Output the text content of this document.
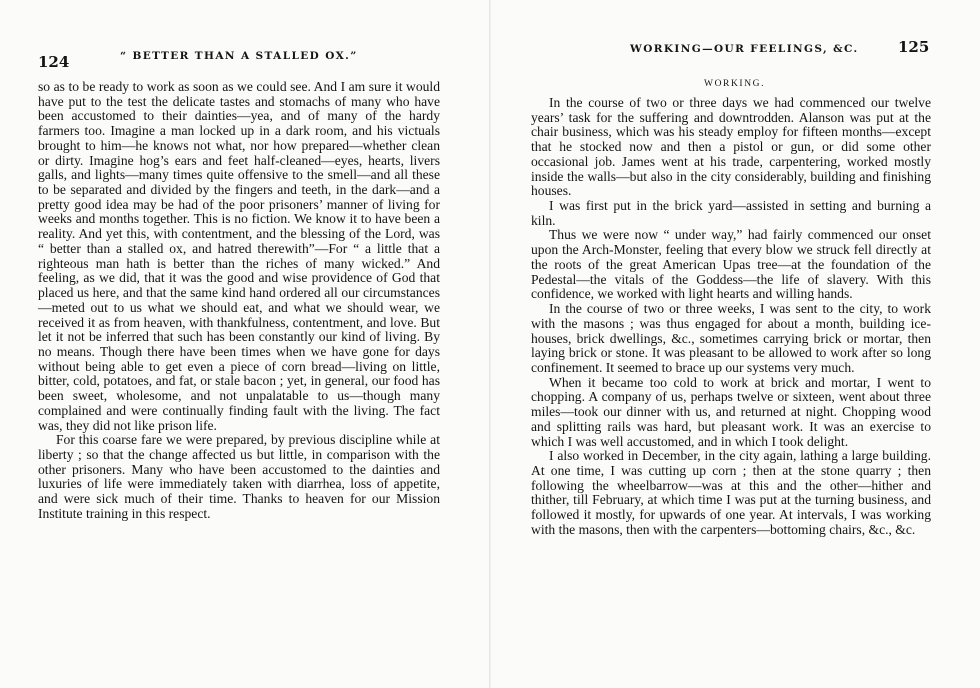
124	“ BETTER THAN A STALLED OX.”

so as to be ready to work as soon as we could see. And I am sure it would have put to the test the delicate tastes and stomachs of many who have been accustomed to their dainties—yea, and of many of the hardy farmers too. Imagine a man locked up in a dark room, and his victuals brought to him—he knows not what, nor how prepared—whether clean or dirty. Imagine hog’s ears and feet half-cleaned—eyes, hearts, livers galls, and lights—many times quite offensive to the smell—and all these to be separated and divided by the fingers and teeth, in the dark—and a pretty good idea may be had of the poor prisoners’ manner of living for weeks and months together. This is no fiction. We know it to have been a reality. And yet this, with contentment, and the blessing of the Lord, was “ better than a stalled ox, and hatred therewith”—For “ a little that a righteous man hath is better than the riches of many wicked.” And feeling, as we did, that it was the good and wise providence of God that placed us here, and that the same kind hand ordered all our circumstances—meted out to us what we should eat, and what we should wear, we received it as from heaven, with thankfulness, contentment, and love. But let it not be inferred that such has been constantly our kind of living. By no means. Though there have been times when we have gone for days without being able to get even a piece of corn bread—living on little, bitter, cold, potatoes, and fat, or stale bacon ; yet, in general, our food has been sweet, wholesome, and not unpalatable to us—though many complained and were continually finding fault with the living. The fact was, they did not like prison life.

For this coarse fare we were prepared, by previous discipline while at liberty ; so that the change affected us but little, in comparison with the other prisoners. Many who have been accustomed to the dainties and luxuries of life were immediately taken with diarrhea, loss of appetite, and were sick much of their time. Thanks to heaven for our Mission Institute training in this respect.

WORKING—OUR FEELINGS, &C.	125
WORKING.

In the course of two or three days we had commenced our twelve years’ task for the suffering and downtrodden. Alanson was put at the chair business, which was his steady employ for fifteen months—except that he stocked now and then a pistol or gun, or did some other occasional job. James went at his trade, carpentering, worked mostly inside the walls—but also in the city considerably, building and finishing houses.

I was first put in the brick yard—assisted in setting and burning a kiln.

Thus we were now “ under way,” had fairly commenced our onset upon the Arch-Monster, feeling that every blow we struck fell directly at the roots of the great American Upas tree—at the foundation of the Pedestal—the vitals of the Goddess—the life of slavery. With this confidence, we worked with light hearts and willing hands.

In the course of two or three weeks, I was sent to the city, to work with the masons ; was thus engaged for about a month, building ice-houses, brick dwellings, &c., sometimes carrying brick or mortar, then laying brick or stone. It was pleasant to be allowed to work after so long confinement. It seemed to brace up our systems very much.

When it became too cold to work at brick and mortar, I went to chopping. A company of us, perhaps twelve or sixteen, went about three miles—took our dinner with us, and returned at night. Chopping wood and splitting rails was hard, but pleasant work. It was an exercise to which I was well accustomed, and in which I took delight.

I also worked in December, in the city again, lathing a large building. At one time, I was cutting up corn ; then at the stone quarry ; then following the wheelbarrow—was at this and the other—hither and thither, till February, at which time I was put at the turning business, and followed it mostly, for upwards of one year. At intervals, I was working with the masons, then with the carpenters—bottoming chairs, &c., &c.
